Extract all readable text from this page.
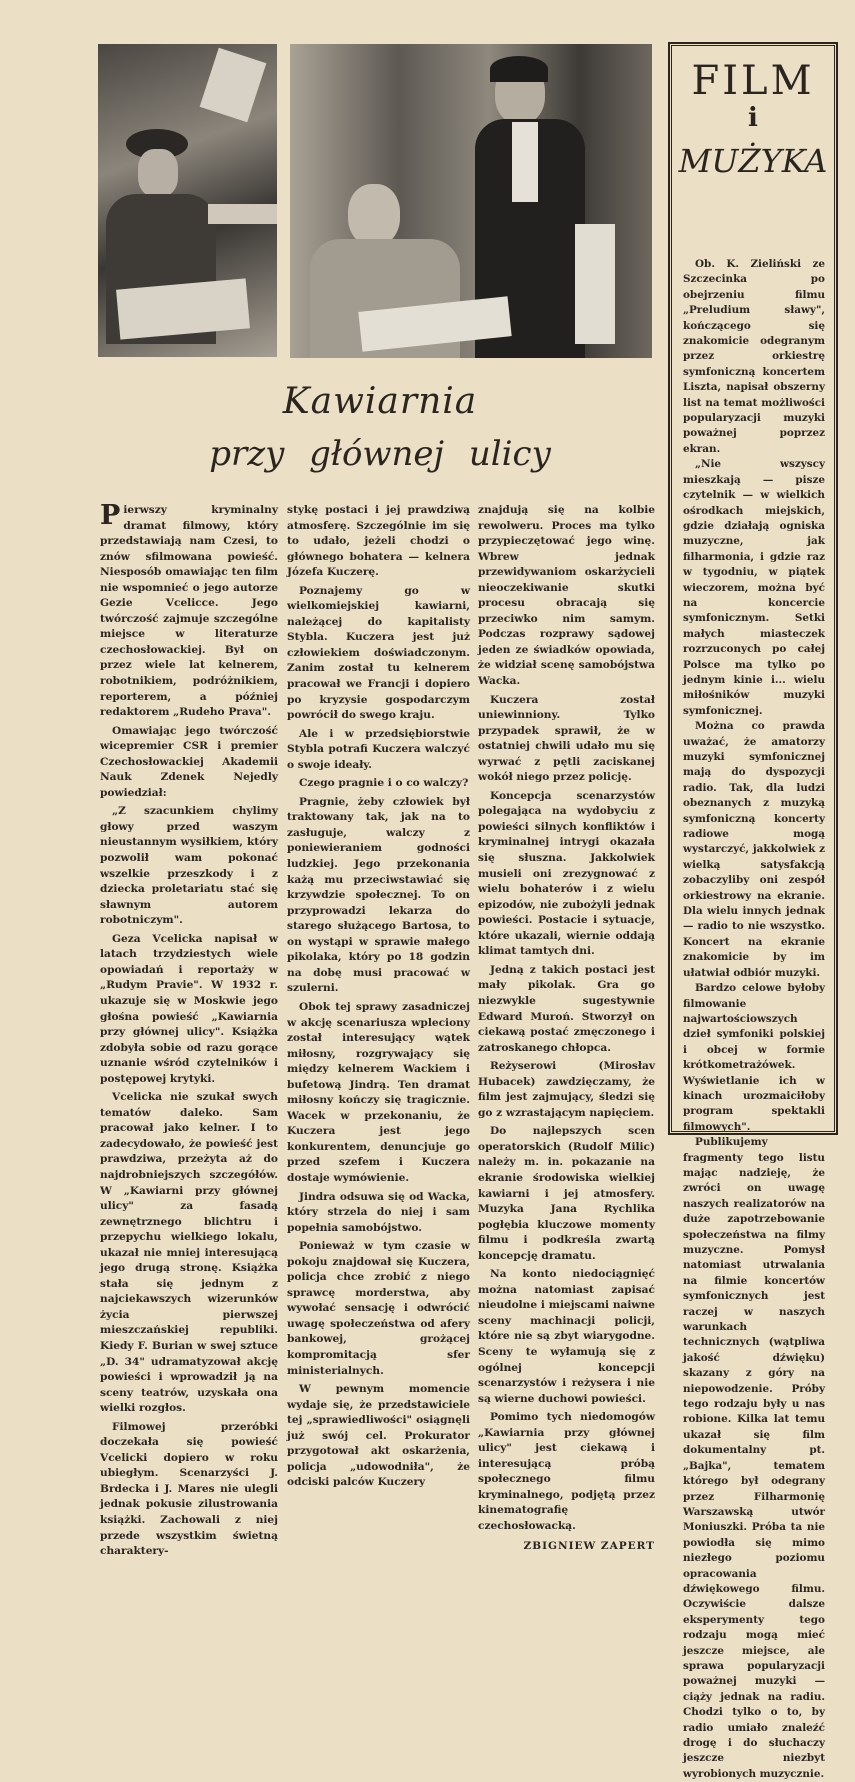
Kawiarnia
przy głównej ulicy

Pierwszy kryminalny dramat filmowy, który przedstawiają nam Czesi, to znów sfilmowana powieść. Niesposób omawiając ten film nie wspomnieć o jego autorze Gezie Vcelicce. Jego twórczość zajmuje szczególne miejsce w literaturze czechosłowackiej. Był on przez wiele lat kelnerem, robotnikiem, podróżnikiem, reporterem, a później redaktorem „Rudeho Prava".

Omawiając jego twórczość wicepremier CSR i premier Czechosłowackiej Akademii Nauk Zdenek Nejedly powiedział:

„Z szacunkiem chylimy głowy przed waszym nieustannym wysiłkiem, który pozwolił wam pokonać wszelkie przeszkody i z dziecka proletariatu stać się sławnym autorem robotniczym".

Geza Vcelicka napisał w latach trzydziestych wiele opowiadań i reportaży w „Rudym Pravie". W 1932 r. ukazuje się w Moskwie jego głośna powieść „Kawiarnia przy głównej ulicy". Książka zdobyła sobie od razu gorące uznanie wśród czytelników i postępowej krytyki.

Vcelicka nie szukał swych tematów daleko. Sam pracował jako kelner. I to zadecydowało, że powieść jest prawdziwa, przeżyta aż do najdrobniejszych szczegółów. W „Kawiarni przy głównej ulicy" za fasadą zewnętrznego blichtru i przepychu wielkiego lokalu, ukazał nie mniej interesującą jego drugą stronę. Książka stała się jednym z najciekawszych wizerunków życia pierwszej mieszczańskiej republiki. Kiedy F. Burian w swej sztuce „D. 34" udramatyzował akcję powieści i wprowadził ją na sceny teatrów, uzyskała ona wielki rozgłos.

Filmowej przeróbki doczekała się powieść Vcelicki dopiero w roku ubiegłym. Scenarzyści J. Brdecka i J. Mares nie ulegli jednak pokusie zilustrowania książki. Zachowali z niej przede wszystkim świetną charaktery-

stykę postaci i jej prawdziwą atmosferę. Szczególnie im się to udało, jeżeli chodzi o głównego bohatera — kelnera Józefa Kuczerę.

Poznajemy go w wielkomiejskiej kawiarni, należącej do kapitalisty Stybla. Kuczera jest już człowiekiem doświadczonym. Zanim został tu kelnerem pracował we Francji i dopiero po kryzysie gospodarczym powrócił do swego kraju.

Ale i w przedsiębiorstwie Stybla potrafi Kuczera walczyć o swoje ideały.

Czego pragnie i o co walczy?

Pragnie, żeby człowiek był traktowany tak, jak na to zasługuje, walczy z poniewieraniem godności ludzkiej. Jego przekonania każą mu przeciwstawiać się krzywdzie społecznej. To on przyprowadzi lekarza do starego służącego Bartosa, to on wystąpi w sprawie małego pikolaka, który po 18 godzin na dobę musi pracować w szulerni.

Obok tej sprawy zasadniczej w akcję scenariusza wpleciony został interesujący wątek miłosny, rozgrywający się między kelnerem Wackiem i bufetową Jindrą. Ten dramat miłosny kończy się tragicznie. Wacek w przekonaniu, że Kuczera jest jego konkurentem, denuncjuje go przed szefem i Kuczera dostaje wymówienie.

Jindra odsuwa się od Wacka, który strzela do niej i sam popełnia samobójstwo.

Ponieważ w tym czasie w pokoju znajdował się Kuczera, policja chce zrobić z niego sprawcę morderstwa, aby wywołać sensację i odwrócić uwagę społeczeństwa od afery bankowej, grożącej kompromitacją sfer ministerialnych.

W pewnym momencie wydaje się, że przedstawiciele tej „sprawiedliwości" osiągnęli już swój cel. Prokurator przygotował akt oskarżenia, policja „udowodniła", że odciski palców Kuczery

znajdują się na kolbie rewolweru. Proces ma tylko przypieczętować jego winę. Wbrew jednak przewidywaniom oskarżycieli nieoczekiwanie skutki procesu obracają się przeciwko nim samym. Podczas rozprawy sądowej jeden ze świadków opowiada, że widział scenę samobójstwa Wacka.

Kuczera został uniewinniony. Tylko przypadek sprawił, że w ostatniej chwili udało mu się wyrwać z pętli zaciskanej wokół niego przez policję.

Koncepcja scenarzystów polegająca na wydobyciu z powieści silnych konfliktów i kryminalnej intrygi okazała się słuszna. Jakkolwiek musieli oni zrezygnować z wielu bohaterów i z wielu epizodów, nie zubożyli jednak powieści. Postacie i sytuacje, które ukazali, wiernie oddają klimat tamtych dni.

Jedną z takich postaci jest mały pikolak. Gra go niezwykle sugestywnie Edward Muroń. Stworzył on ciekawą postać zmęczonego i zatroskanego chłopca.

Reżyserowi (Mirosłav Hubacek) zawdzięczamy, że film jest zajmujący, śledzi się go z wzrastającym napięciem.

Do najlepszych scen operatorskich (Rudolf Milic) należy m. in. pokazanie na ekranie środowiska wielkiej kawiarni i jej atmosfery. Muzyka Jana Rychlika pogłębia kluczowe momenty filmu i podkreśla zwartą koncepcję dramatu.

Na konto niedociągnięć można natomiast zapisać nieudolne i miejscami naiwne sceny machinacji policji, które nie są zbyt wiarygodne. Sceny te wyłamują się z ogólnej koncepcji scenarzystów i reżysera i nie są wierne duchowi powieści.

Pomimo tych niedomogów „Kawiarnia przy głównej ulicy" jest ciekawą i interesującą próbą społecznego filmu kryminalnego, podjętą przez kinematografię czechosłowacką.

ZBIGNIEW ZAPERT
FILM
i
MUŻYKA

Ob. K. Zieliński ze Szczecinka po obejrzeniu filmu „Preludium sławy", kończącego się znakomicie odegranym przez orkiestrę symfoniczną koncertem Liszta, napisał obszerny list na temat możliwości popularyzacji muzyki poważnej poprzez ekran.

„Nie wszyscy mieszkają — pisze czytelnik — w wielkich ośrodkach miejskich, gdzie działają ogniska muzyczne, jak filharmonia, i gdzie raz w tygodniu, w piątek wieczorem, można być na koncercie symfonicznym. Setki małych miasteczek rozrzuconych po całej Polsce ma tylko po jednym kinie i... wielu miłośników muzyki symfonicznej.

Można co prawda uważać, że amatorzy muzyki symfonicznej mają do dyspozycji radio. Tak, dla ludzi obeznanych z muzyką symfoniczną koncerty radiowe mogą wystarczyć, jakkolwiek z wielką satysfakcją zobaczyliby oni zespół orkiestrowy na ekranie. Dla wielu innych jednak — radio to nie wszystko. Koncert na ekranie znakomicie by im ułatwiał odbiór muzyki.

Bardzo celowe byłoby filmowanie najwartościowszych dzieł symfoniki polskiej i obcej w formie krótkometrażówek. Wyświetlanie ich w kinach urozmaiciłoby program spektakli filmowych".

Publikujemy fragmenty tego listu mając nadzieję, że zwróci on uwagę naszych realizatorów na duże zapotrzebowanie społeczeństwa na filmy muzyczne. Pomysł natomiast utrwalania na filmie koncertów symfonicznych jest raczej w naszych warunkach technicznych (wątpliwa jakość dźwięku) skazany z góry na niepowodzenie. Próby tego rodzaju były u nas robione. Kilka lat temu ukazał się film dokumentalny pt. „Bajka", tematem którego był odegrany przez Filharmonię Warszawską utwór Moniuszki. Próba ta nie powiodła się mimo niezłego poziomu opracowania dźwiękowego filmu. Oczywiście dalsze eksperymenty tego rodzaju mogą mieć jeszcze miejsce, ale sprawa popularyzacji poważnej muzyki — ciąży jednak na radiu. Chodzi tylko o to, by radio umiało znaleźć drogę i do słuchaczy jeszcze niezbyt wyrobionych muzycznie.
